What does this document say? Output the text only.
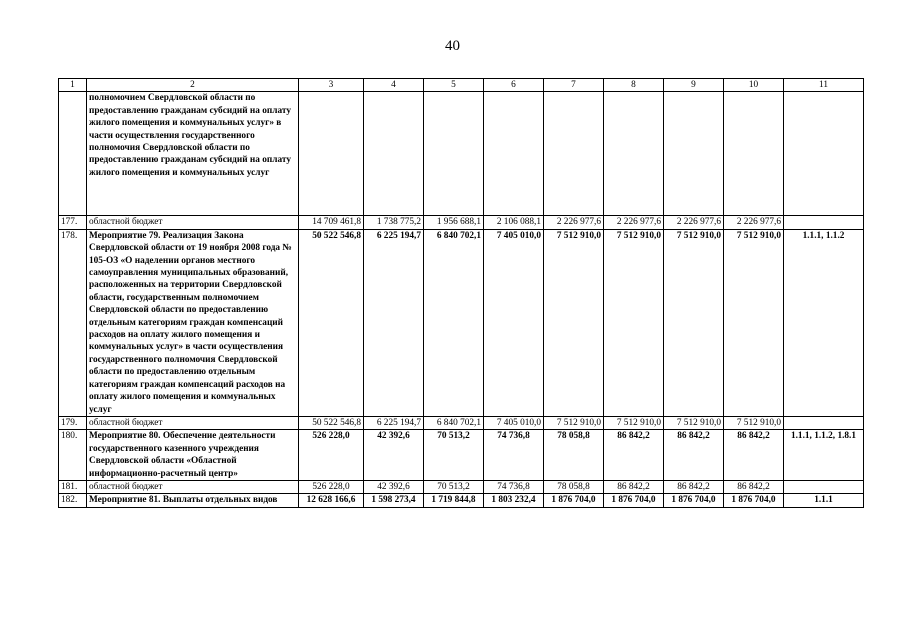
40
1	2	3	4	5	6	7	8	9	10	11
	полномочием Свердловской области по предоставлению гражданам субсидий на оплату жилого помещения и коммунальных услуг» в части осуществления государственного полномочия Свердловской области по предоставлению гражданам субсидий на оплату жилого помещения и коммунальных услуг									
177.	областной бюджет	14 709 461,8	1 738 775,2	1 956 688,1	2 106 088,1	2 226 977,6	2 226 977,6	2 226 977,6	2 226 977,6	
178.	Мероприятие 79. Реализация Закона Свердловской области от 19 ноября 2008 года № 105-ОЗ «О наделении органов местного самоуправления муниципальных образований, расположенных на территории Свердловской области, государственным полномочием Свердловской области по предоставлению отдельным категориям граждан компенсаций расходов на оплату жилого помещения и коммунальных услуг» в части осуществления государственного полномочия Свердловской области по предоставлению отдельным категориям граждан компенсаций расходов на оплату жилого помещения и коммунальных услуг	50 522 546,8	6 225 194,7	6 840 702,1	7 405 010,0	7 512 910,0	7 512 910,0	7 512 910,0	7 512 910,0	1.1.1, 1.1.2
179.	областной бюджет	50 522 546,8	6 225 194,7	6 840 702,1	7 405 010,0	7 512 910,0	7 512 910,0	7 512 910,0	7 512 910,0	
180.	Мероприятие 80. Обеспечение деятельности государственного казенного учреждения Свердловской области «Областной информационно-расчетный центр»	526 228,0	42 392,6	70 513,2	74 736,8	78 058,8	86 842,2	86 842,2	86 842,2	1.1.1, 1.1.2, 1.8.1
181.	областной бюджет	526 228,0	42 392,6	70 513,2	74 736,8	78 058,8	86 842,2	86 842,2	86 842,2	
182.	Мероприятие 81. Выплаты отдельных видов	12 628 166,6	1 598 273,4	1 719 844,8	1 803 232,4	1 876 704,0	1 876 704,0	1 876 704,0	1 876 704,0	1.1.1
